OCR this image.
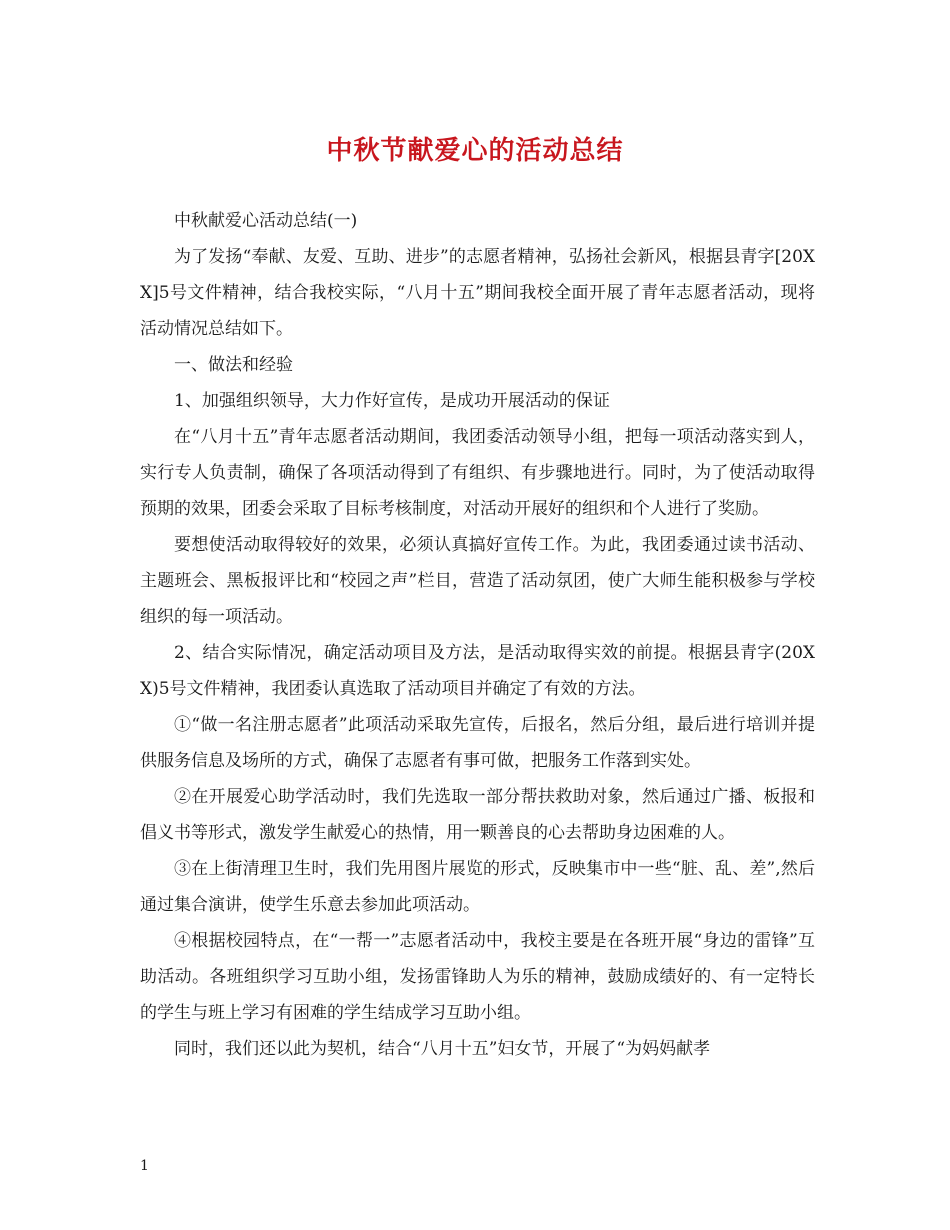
中秋节献爱心的活动总结

中秋献爱心活动总结(一)

为了发扬“奉献、友爱、互助、进步”的志愿者精神，弘扬社会新风，根据县青字[20XX]5号文件精神，结合我校实际，“八月十五”期间我校全面开展了青年志愿者活动，现将活动情况总结如下。

一、做法和经验

1、加强组织领导，大力作好宣传，是成功开展活动的保证

在“八月十五”青年志愿者活动期间，我团委活动领导小组，把每一项活动落实到人，实行专人负责制，确保了各项活动得到了有组织、有步骤地进行。同时，为了使活动取得预期的效果，团委会采取了目标考核制度，对活动开展好的组织和个人进行了奖励。

要想使活动取得较好的效果，必须认真搞好宣传工作。为此，我团委通过读书活动、主题班会、黑板报评比和“校园之声”栏目，营造了活动氛团，使广大师生能积极参与学校组织的每一项活动。

2、结合实际情况，确定活动项目及方法，是活动取得实效的前提。根据县青字(20XX)5号文件精神，我团委认真选取了活动项目并确定了有效的方法。

①“做一名注册志愿者”此项活动采取先宣传，后报名，然后分组，最后进行培训并提供服务信息及场所的方式，确保了志愿者有事可做，把服务工作落到实处。

②在开展爱心助学活动时，我们先选取一部分帮扶救助对象，然后通过广播、板报和倡义书等形式，激发学生献爱心的热情，用一颗善良的心去帮助身边困难的人。

③在上街清理卫生时，我们先用图片展览的形式，反映集市中一些“脏、乱、差”,然后通过集合演讲，使学生乐意去参加此项活动。

④根据校园特点，在“一帮一”志愿者活动中，我校主要是在各班开展“身边的雷锋”互助活动。各班组织学习互助小组，发扬雷锋助人为乐的精神，鼓励成绩好的、有一定特长的学生与班上学习有困难的学生结成学习互助小组。

同时，我们还以此为契机，结合“八月十五”妇女节，开展了“为妈妈献孝

1
